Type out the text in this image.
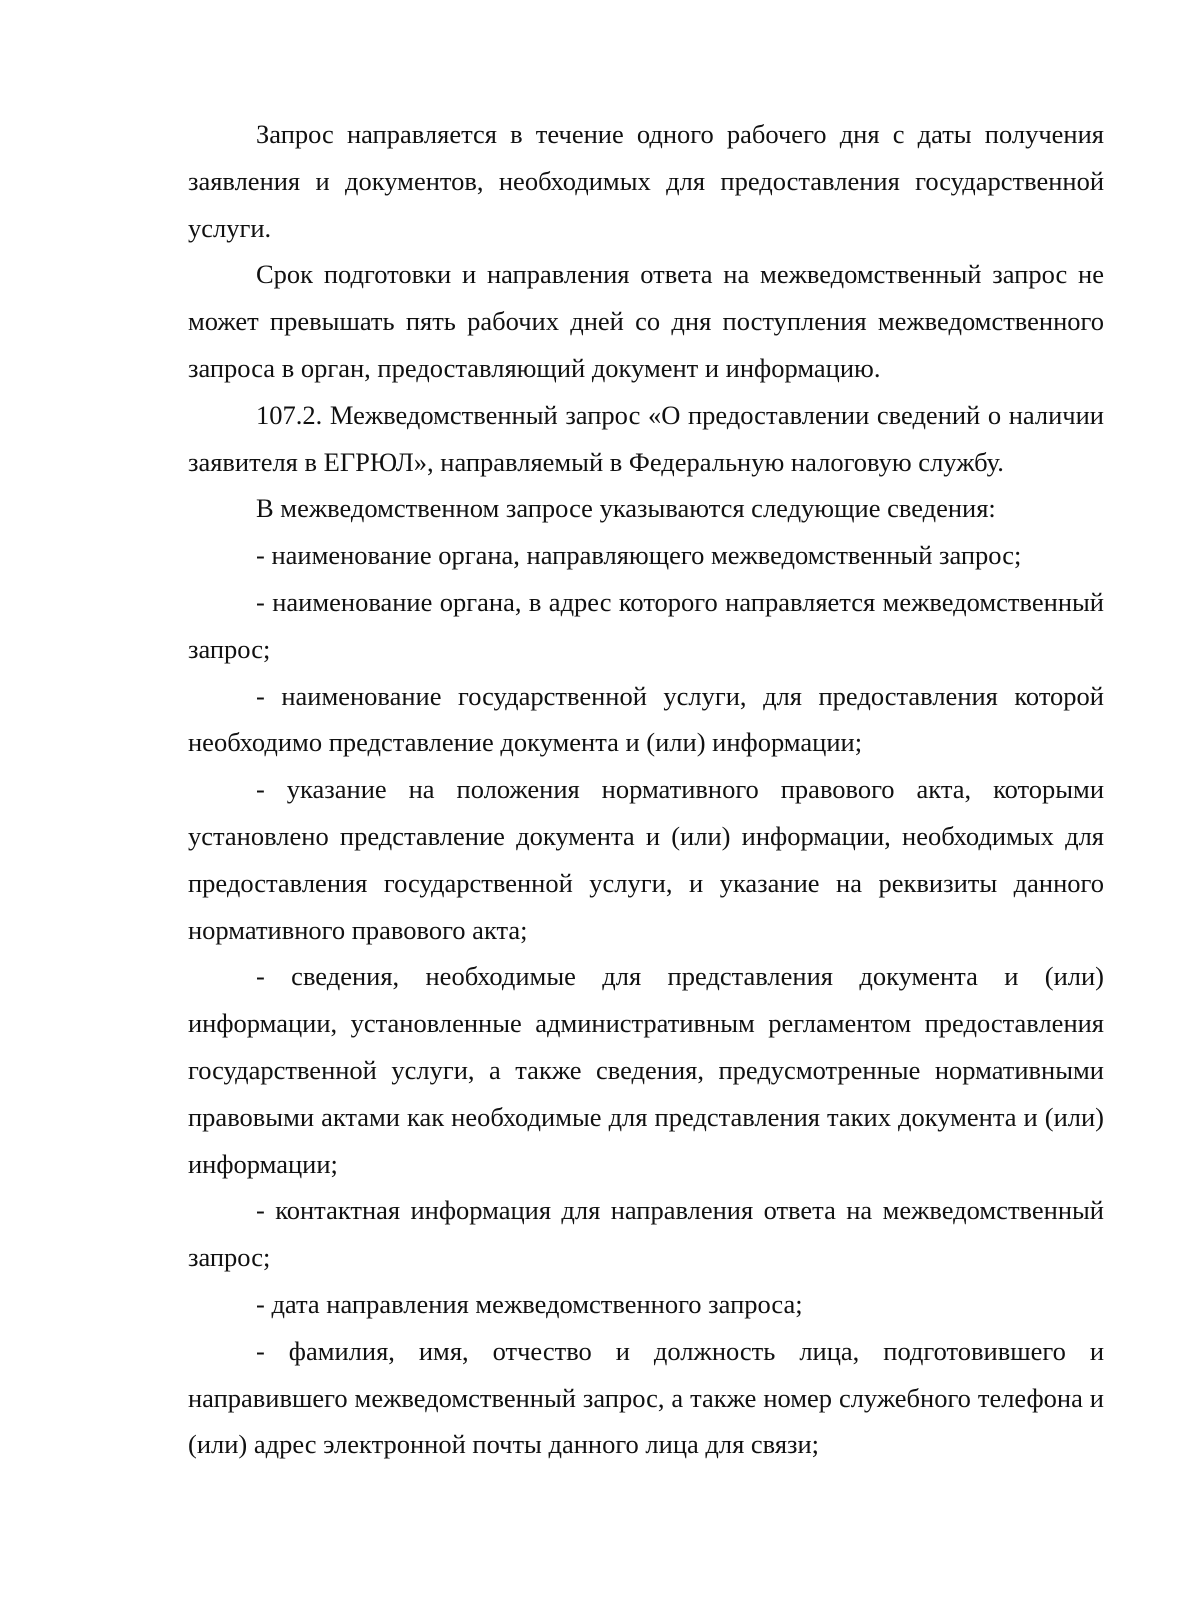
Запрос направляется в течение одного рабочего дня с даты получения заявления и документов, необходимых для предоставления государственной услуги.

Срок подготовки и направления ответа на межведомственный запрос не может превышать пять рабочих дней со дня поступления межведомственного запроса в орган, предоставляющий документ и информацию.

107.2. Межведомственный запрос «О предоставлении сведений о наличии заявителя в ЕГРЮЛ», направляемый в Федеральную налоговую службу.

В межведомственном запросе указываются следующие сведения:

- наименование органа, направляющего межведомственный запрос;

- наименование органа, в адрес которого направляется межведомственный запрос;

- наименование государственной услуги, для предоставления которой необходимо представление документа и (или) информации;

- указание на положения нормативного правового акта, которыми установлено представление документа и (или) информации, необходимых для предоставления государственной услуги, и указание на реквизиты данного нормативного правового акта;

- сведения, необходимые для представления документа и (или) информации, установленные административным регламентом предоставления государственной услуги, а также сведения, предусмотренные нормативными правовыми актами как необходимые для представления таких документа и (или) информации;

- контактная информация для направления ответа на межведомственный запрос;

- дата направления межведомственного запроса;

- фамилия, имя, отчество и должность лица, подготовившего и направившего межведомственный запрос, а также номер служебного телефона и (или) адрес электронной почты данного лица для связи;
